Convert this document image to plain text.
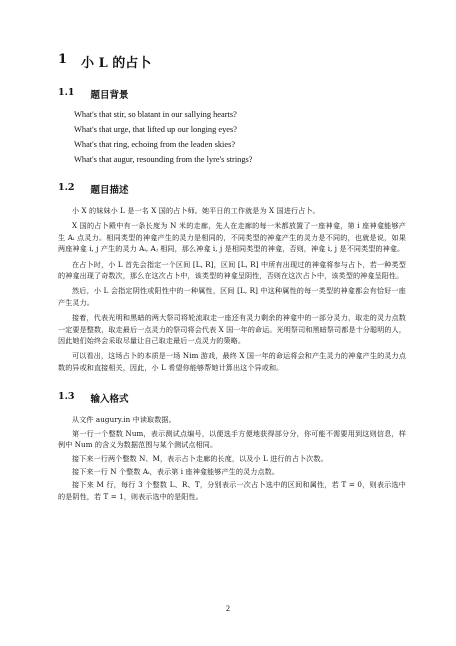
1 小 L 的占卜
1.1 题目背景
What's that stir, so blatant in our sallying hearts?
What's that urge, that lifted up our longing eyes?
What's that ring, echoing from the leaden skies?
What's that augur, resounding from the lyre's strings?
1.2 题目描述

小 X 的妹妹小 L 是一名 X 国的占卜师。她平日的工作就是为 X 国进行占卜。

X 国的占卜殿中有一条长度为 N 米的走廊，先人在走廊的每一米都放置了一座神龛，第 i 座神龛能够产生 Aᵢ 点灵力。相同类型的神龛产生的灵力是相同的，不同类型的神龛产生的灵力是不同的，也就是说，如果两座神龛 i, j 产生的灵力 Aᵢ, Aⱼ 相同，那么神龛 i, j 是相同类型的神龛，否则，神龛 i, j 是不同类型的神龛。

在占卜时，小 L 首先会指定一个区间 [L, R]，区间 [L, R] 中所有出现过的神龛将参与占卜，若一种类型的神龛出现了奇数次，那么在这次占卜中，该类型的神龛呈阴性，否则在这次占卜中，该类型的神龛呈阳性。

然后，小 L 会指定阴性或阳性中的一种属性，区间 [L, R] 中这种属性的每一类型的神龛都会有恰好一座产生灵力。

接着，代表光明和黑暗的两大祭司将轮流取走一座还有灵力剩余的神龛中的一部分灵力，取走的灵力点数一定要是整数，取走最后一点灵力的祭司将会代表 X 国一年的命运。光明祭司和黑暗祭司都是十分聪明的人，因此她们始终会采取尽量让自己取走最后一点灵力的策略。

可以看出，这场占卜的本质是一场 Nim 游戏，最终 X 国一年的命运将会和产生灵力的神龛产生的灵力点数的异或和直接相关，因此，小 L 希望你能够帮她计算出这个异或和。

1.3 输入格式

从文件 augury.in 中读取数据。

第一行一个整数 Num，表示测试点编号，以便选手方便地获得部分分，你可能不需要用到这则信息，样例中 Num 的含义为数据范围与某个测试点相同。

接下来一行两个整数 N、M，表示占卜走廊的长度，以及小 L 进行的占卜次数。

接下来一行 N 个整数 Aᵢ，表示第 i 座神龛能够产生的灵力点数。

接下来 M 行，每行 3 个整数 L、R、T，分别表示一次占卜选中的区间和属性，若 T = 0，则表示选中的是阴性，若 T = 1，则表示选中的是阳性。

2
